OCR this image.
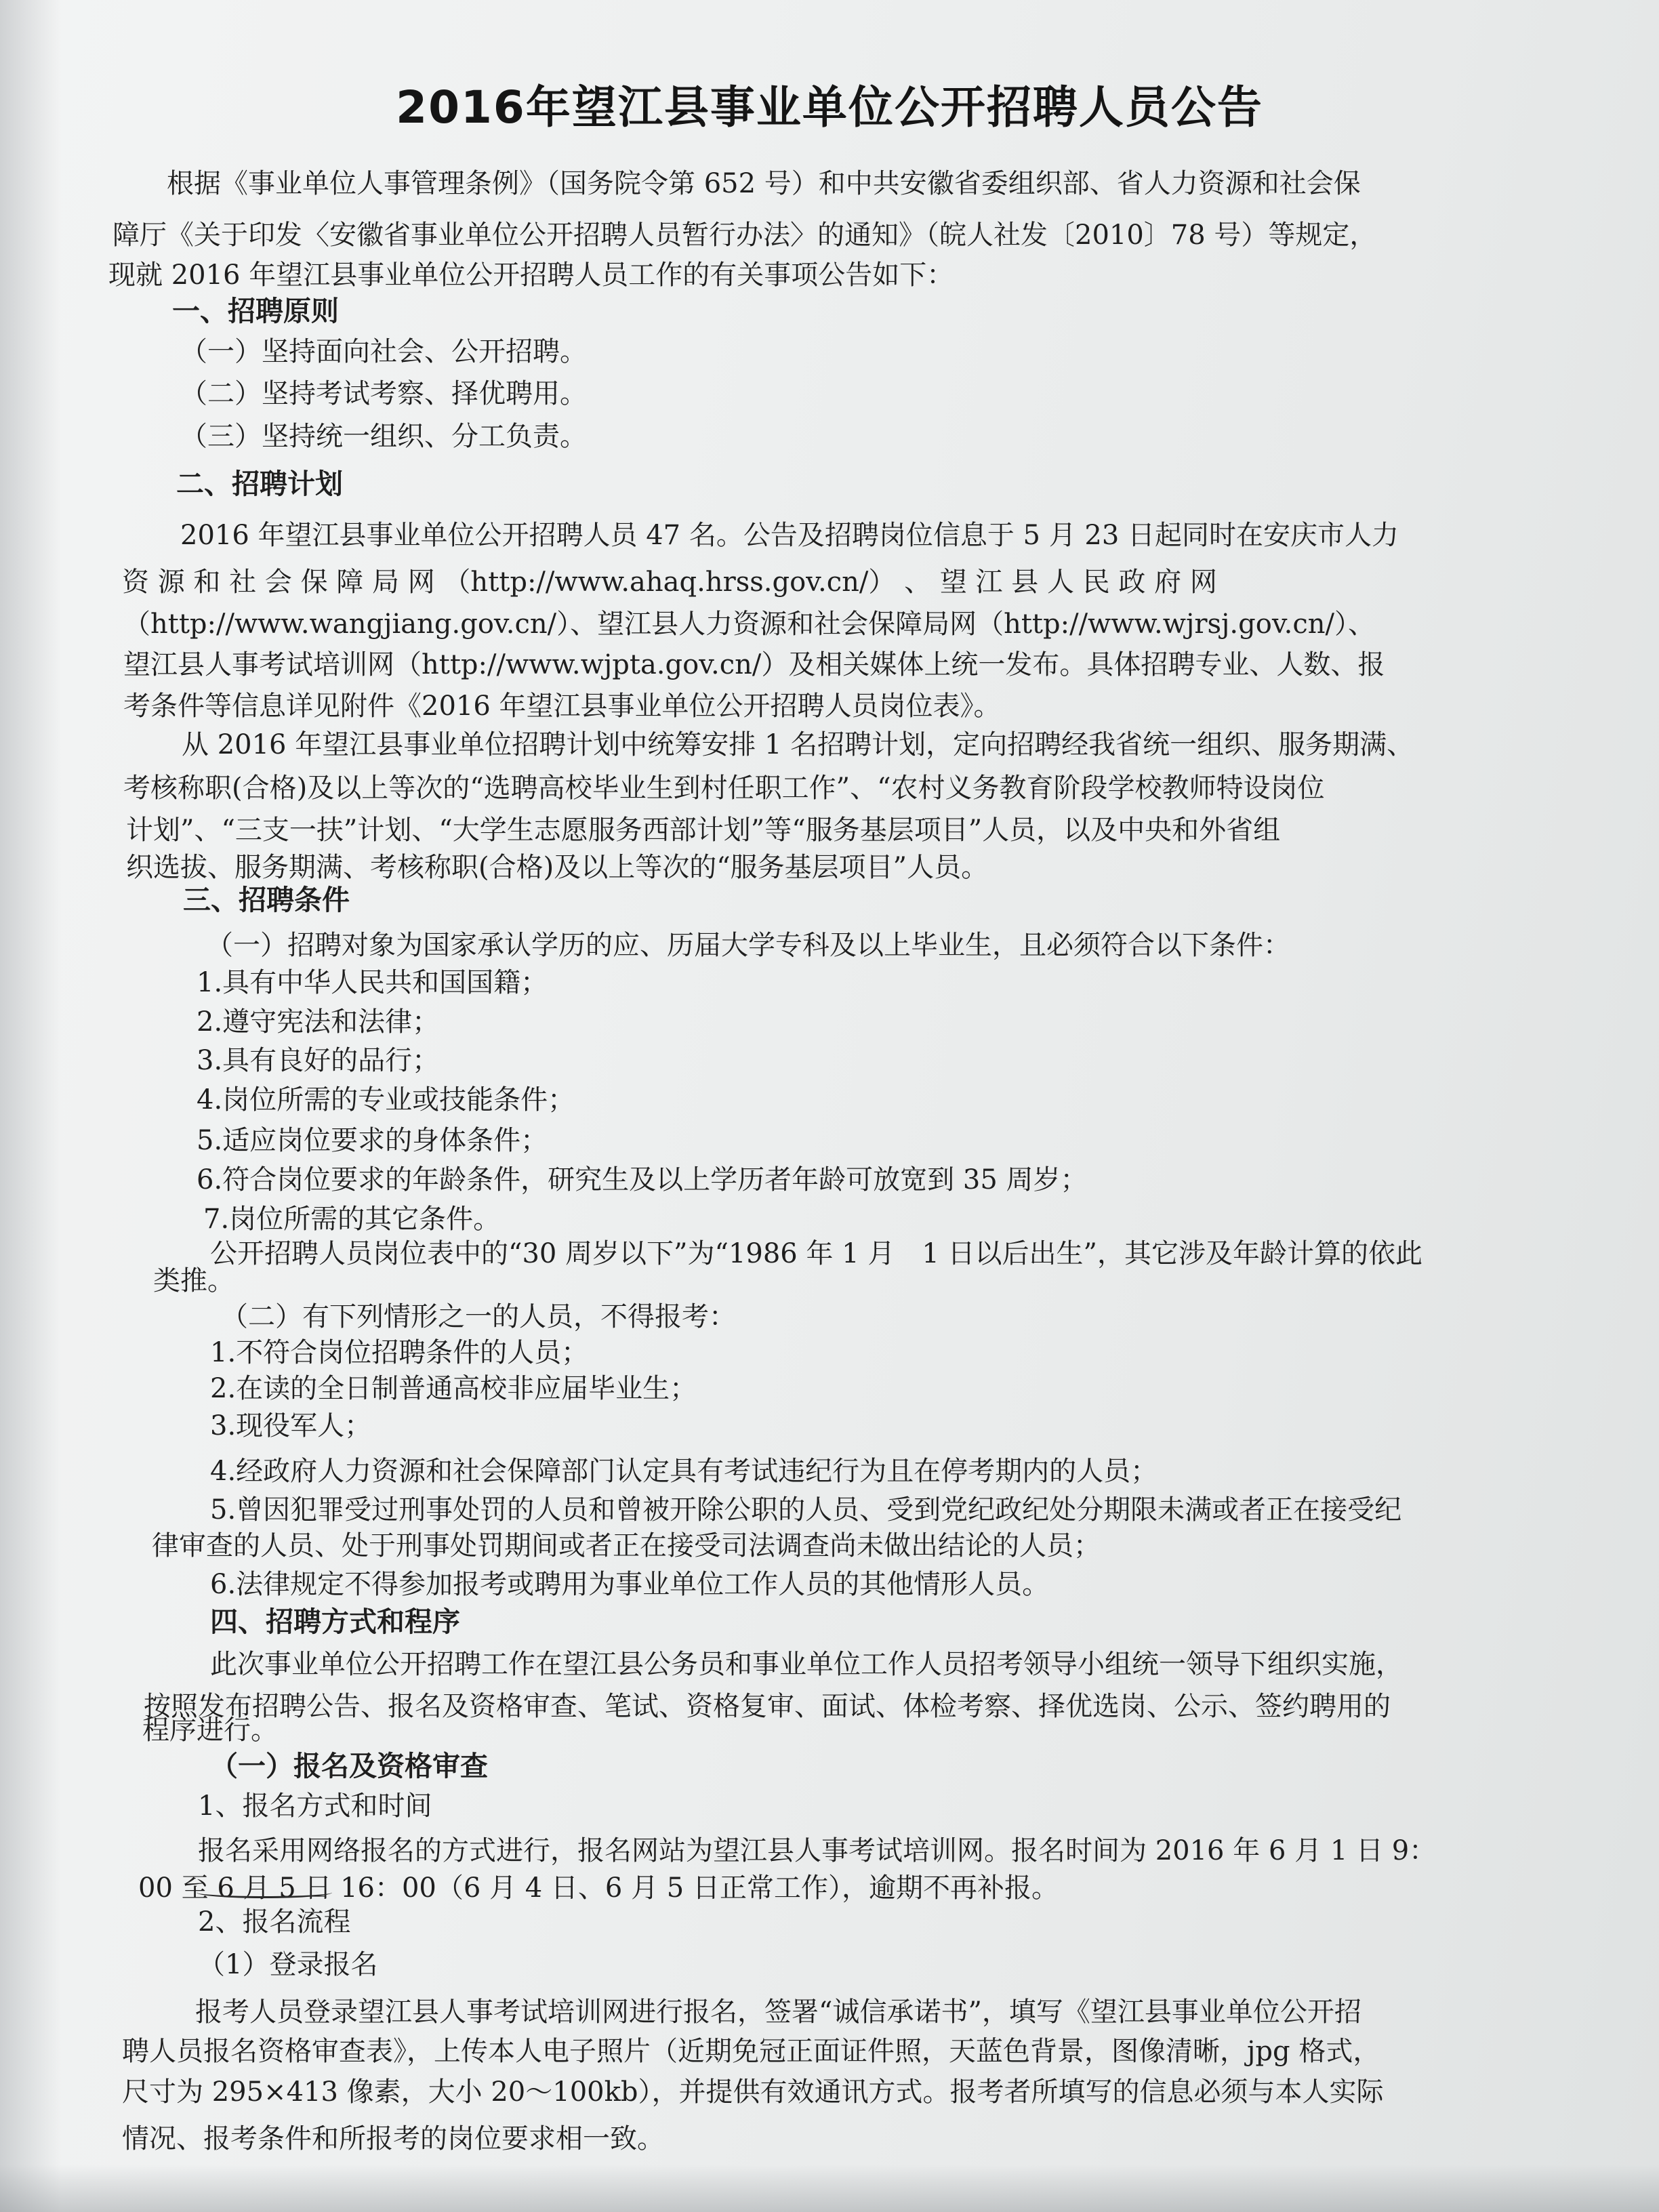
2016年望江县事业单位公开招聘人员公告
根据《事业单位人事管理条例》（国务院令第 652 号）和中共安徽省委组织部、省人力资源和社会保
障厅《关于印发〈安徽省事业单位公开招聘人员暂行办法〉的通知》（皖人社发〔2010〕78 号）等规定，
现就 2016 年望江县事业单位公开招聘人员工作的有关事项公告如下：
一、招聘原则
（一）坚持面向社会、公开招聘。
（二）坚持考试考察、择优聘用。
（三）坚持统一组织、分工负责。
二、招聘计划
2016 年望江县事业单位公开招聘人员 47 名。公告及招聘岗位信息于 5 月 23 日起同时在安庆市人力
资 源 和 社 会 保 障 局 网 （http://www.ahaq.hrss.gov.cn/） 、 望 江 县 人 民 政 府 网
（http://www.wangjiang.gov.cn/）、望江县人力资源和社会保障局网（http://www.wjrsj.gov.cn/）、
望江县人事考试培训网（http://www.wjpta.gov.cn/）及相关媒体上统一发布。具体招聘专业、人数、报
考条件等信息详见附件《2016 年望江县事业单位公开招聘人员岗位表》。
从 2016 年望江县事业单位招聘计划中统筹安排 1 名招聘计划，定向招聘经我省统一组织、服务期满、
考核称职(合格)及以上等次的“选聘高校毕业生到村任职工作”、“农村义务教育阶段学校教师特设岗位
计划”、“三支一扶”计划、“大学生志愿服务西部计划”等“服务基层项目”人员，以及中央和外省组
织选拔、服务期满、考核称职(合格)及以上等次的“服务基层项目”人员。
三、招聘条件
（一）招聘对象为国家承认学历的应、历届大学专科及以上毕业生，且必须符合以下条件：
1.具有中华人民共和国国籍；
2.遵守宪法和法律；
3.具有良好的品行；
4.岗位所需的专业或技能条件；
5.适应岗位要求的身体条件；
6.符合岗位要求的年龄条件，研究生及以上学历者年龄可放宽到 35 周岁；
7.岗位所需的其它条件。
公开招聘人员岗位表中的“30 周岁以下”为“1986 年 1 月　1 日以后出生”，其它涉及年龄计算的依此
类推。
（二）有下列情形之一的人员，不得报考：
1.不符合岗位招聘条件的人员；
2.在读的全日制普通高校非应届毕业生；
3.现役军人；
4.经政府人力资源和社会保障部门认定具有考试违纪行为且在停考期内的人员；
5.曾因犯罪受过刑事处罚的人员和曾被开除公职的人员、受到党纪政纪处分期限未满或者正在接受纪
律审查的人员、处于刑事处罚期间或者正在接受司法调查尚未做出结论的人员；
6.法律规定不得参加报考或聘用为事业单位工作人员的其他情形人员。
四、招聘方式和程序
此次事业单位公开招聘工作在望江县公务员和事业单位工作人员招考领导小组统一领导下组织实施，
按照发布招聘公告、报名及资格审查、笔试、资格复审、面试、体检考察、择优选岗、公示、签约聘用的
程序进行。
（一）报名及资格审查
1、报名方式和时间
报名采用网络报名的方式进行，报名网站为望江县人事考试培训网。报名时间为 2016 年 6 月 1 日 9：
00 至 6 月 5 日 16：00（6 月 4 日、6 月 5 日正常工作），逾期不再补报。
2、报名流程
（1）登录报名
报考人员登录望江县人事考试培训网进行报名，签署“诚信承诺书”，填写《望江县事业单位公开招
聘人员报名资格审查表》，上传本人电子照片（近期免冠正面证件照，天蓝色背景，图像清晰，jpg 格式，
尺寸为 295×413 像素，大小 20～100kb），并提供有效通讯方式。报考者所填写的信息必须与本人实际
情况、报考条件和所报考的岗位要求相一致。
